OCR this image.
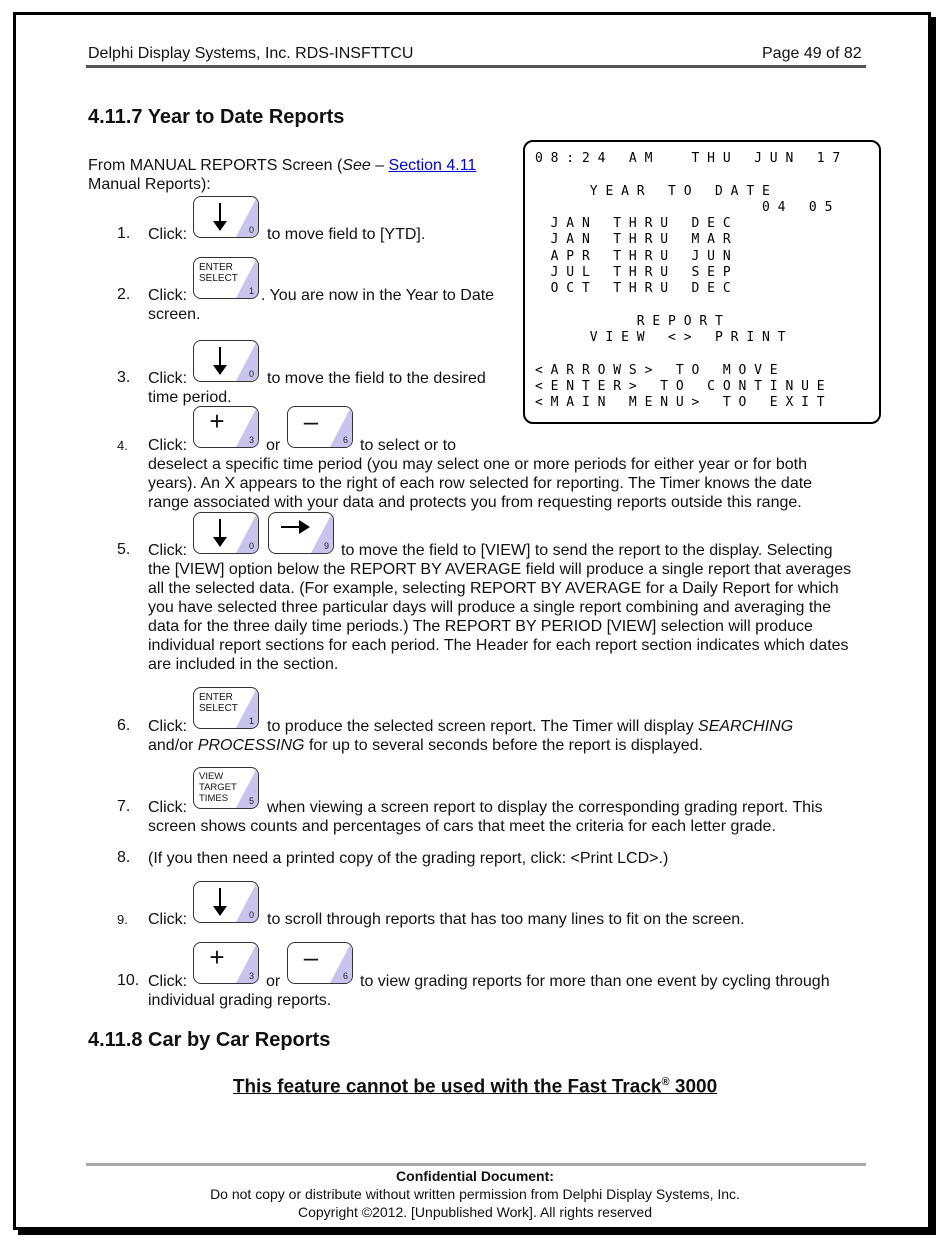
Delphi Display Systems, Inc. RDS-INSFTTCU	Page 49 of 82
4.11.7 Year to Date Reports
From MANUAL REPORTS Screen (See – Section 4.11
Manual Reports):
0 8 : 2 4   A M     T H U   J U N   1 7

Y E A R   T O   D A T E
0 4   0 5
J A N   T H R U   D E C
J A N   T H R U   M A R
A P R   T H R U   J U N
J U L   T H R U   S E P
O C T   T H R U   D E C

R E P O R T
V I E W   < >   P R I N T

< A R R O W S >   T O   M O V E
< E N T E R >   T O   C O N T I N U E
< M A I N   M E N U >   T O   E X I T
1. Click:	0 to move field to [YTD].
2. Click:
ENTER
SELECT
1 . You are now in the Year to Date
screen.
3. Click:	0 to move the field to the desired
time period.
4. Click:
+
3 or
–
6 to select or to
deselect a specific time period (you may select one or more periods for either year or for both
years). An X appears to the right of each row selected for reporting. The Timer knows the date
range associated with your data and protects you from requesting reports outside this range.
5. Click:	0	9 to move the field to [VIEW] to send the report to the display. Selecting
the [VIEW] option below the REPORT BY AVERAGE field will produce a single report that averages
all the selected data. (For example, selecting REPORT BY AVERAGE for a Daily Report for which
you have selected three particular days will produce a single report combining and averaging the
data for the three daily time periods.) The REPORT BY PERIOD [VIEW] selection will produce
individual report sections for each period. The Header for each report section indicates which dates
are included in the section.
6. Click:
ENTER
SELECT
1 to produce the selected screen report. The Timer will display SEARCHING
and/or PROCESSING for up to several seconds before the report is displayed.
7. Click:
VIEW
TARGET
TIMES	5 when viewing a screen report to display the corresponding grading report. This
screen shows counts and percentages of cars that meet the criteria for each letter grade.
8. (If you then need a printed copy of the grading report, click: <Print LCD>.)
9. Click:	0 to scroll through reports that has too many lines to fit on the screen.
10. Click:
+
3 or
–
6 to view grading reports for more than one event by cycling through
individual grading reports.
4.11.8 Car by Car Reports
This feature cannot be used with the Fast Track® 3000
Confidential Document:
Do not copy or distribute without written permission from Delphi Display Systems, Inc.
Copyright ©2012. [Unpublished Work]. All rights reserved
